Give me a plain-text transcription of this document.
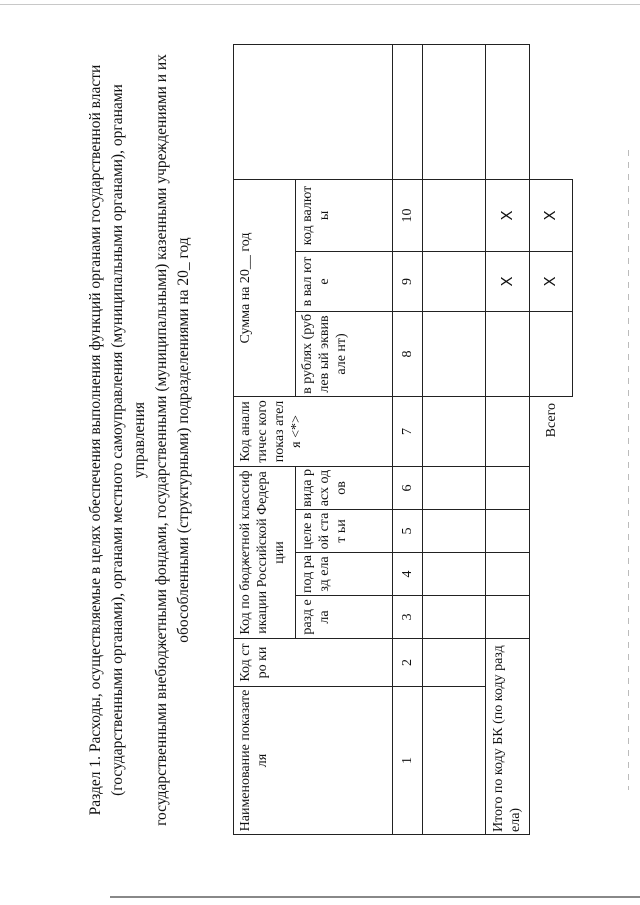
Раздел 1. Расходы, осуществляемые в целях обеспечения выполнения функций органами государственной власти (государственными органами), органами местного самоуправления (муниципальными органами), органами управления государственными внебюджетными фондами, государственными (муниципальными) казенными учреждениями и их обособленными (структурными) подразделениями на 20_ год
Наименование показателя	Код стро ки	Код по бюджетной классификации Российской Федерации				Код анали тичес кого показ ателя <*>	Сумма на 20__ год			
		разд ела	под разд ела	целе вой стат ьи	вида расх одов		в рублях (рублев ый эквивале нт)	в вал юте	код валют ы	
1	2	3	4	5	6	7	8	9	10	

Итого по коду БК (по коду раздела)								X	X	
						Всего		X	X	
